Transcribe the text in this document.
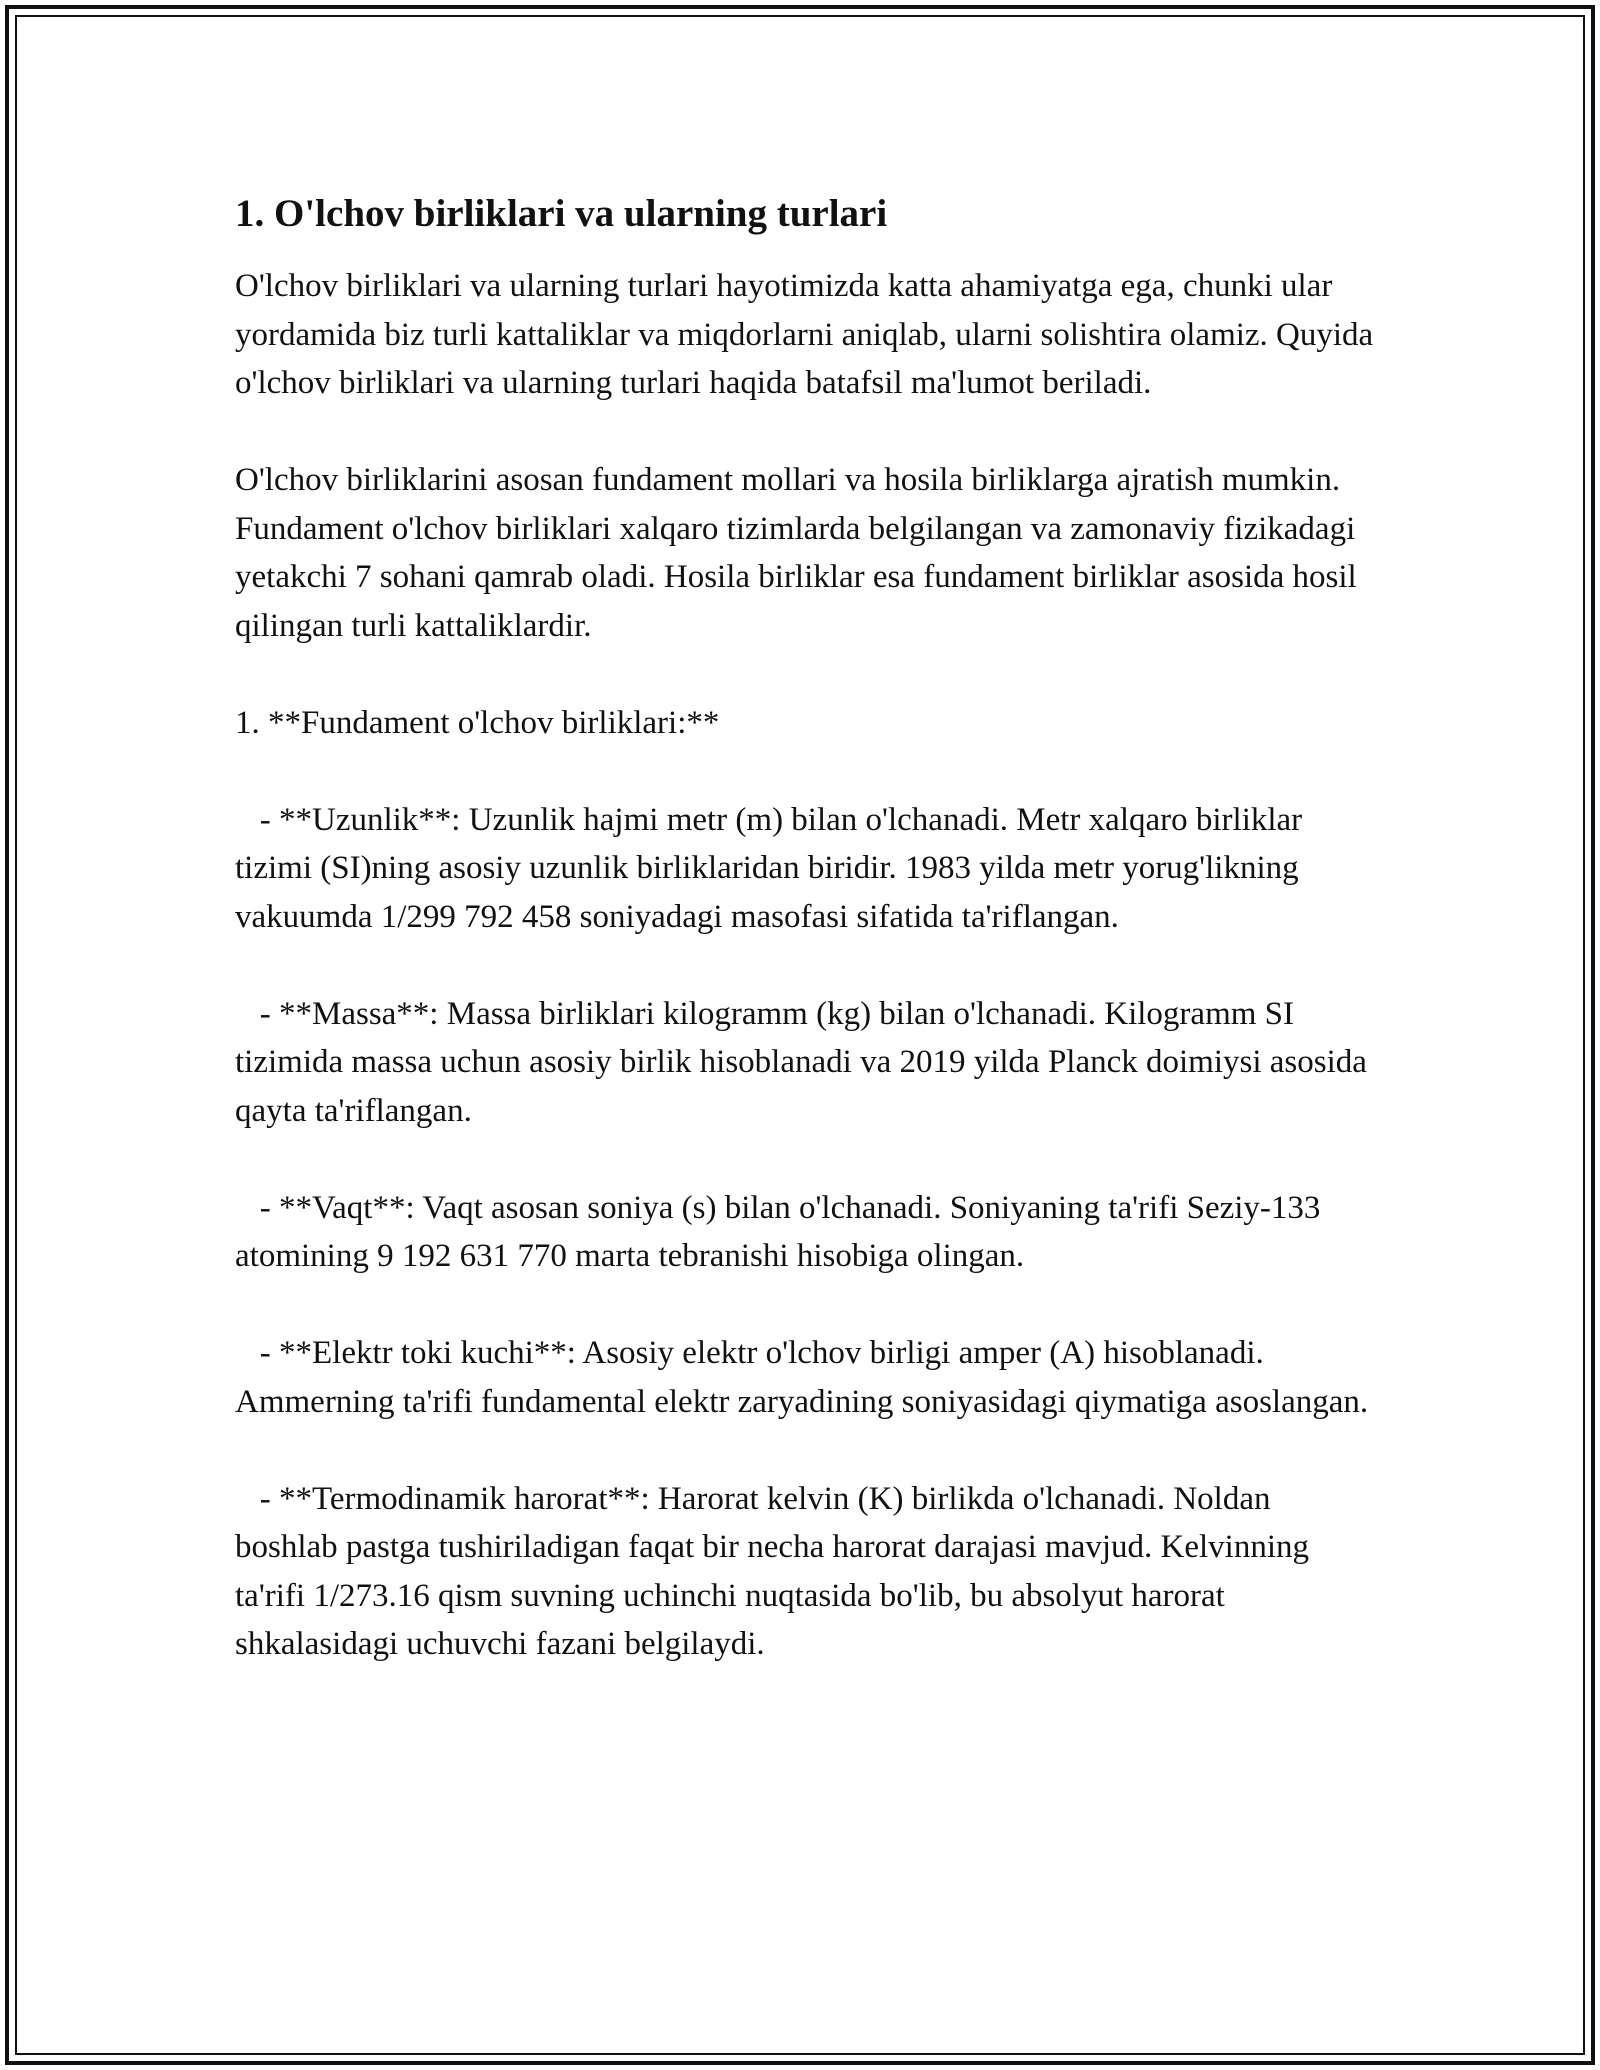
1. O'lchov birliklari va ularning turlari

O'lchov birliklari va ularning turlari hayotimizda katta ahamiyatga ega, chunki ular yordamida biz turli kattaliklar va miqdorlarni aniqlab, ularni solishtira olamiz. Quyida o'lchov birliklari va ularning turlari haqida batafsil ma'lumot beriladi.

O'lchov birliklarini asosan fundament mollari va hosila birliklarga ajratish mumkin. Fundament o'lchov birliklari xalqaro tizimlarda belgilangan va zamonaviy fizikadagi yetakchi 7 sohani qamrab oladi. Hosila birliklar esa fundament birliklar asosida hosil qilingan turli kattaliklardir.

1. **Fundament o'lchov birliklari:**

- **Uzunlik**: Uzunlik hajmi metr (m) bilan o'lchanadi. Metr xalqaro birliklar tizimi (SI)ning asosiy uzunlik birliklaridan biridir. 1983 yilda metr yorug'likning vakuumda 1/299 792 458 soniyadagi masofasi sifatida ta'riflangan.

- **Massa**: Massa birliklari kilogramm (kg) bilan o'lchanadi. Kilogramm SI tizimida massa uchun asosiy birlik hisoblanadi va 2019 yilda Planck doimiysi asosida qayta ta'riflangan.

- **Vaqt**: Vaqt asosan soniya (s) bilan o'lchanadi. Soniyaning ta'rifi Seziy-133 atomining 9 192 631 770 marta tebranishi hisobiga olingan.

- **Elektr toki kuchi**: Asosiy elektr o'lchov birligi amper (A) hisoblanadi. Ammerning ta'rifi fundamental elektr zaryadining soniyasidagi qiymatiga asoslangan.

- **Termodinamik harorat**: Harorat kelvin (K) birlikda o'lchanadi. Noldan boshlab pastga tushiriladigan faqat bir necha harorat darajasi mavjud. Kelvinning ta'rifi 1/273.16 qism suvning uchinchi nuqtasida bo'lib, bu absolyut harorat shkalasidagi uchuvchi fazani belgilaydi.
